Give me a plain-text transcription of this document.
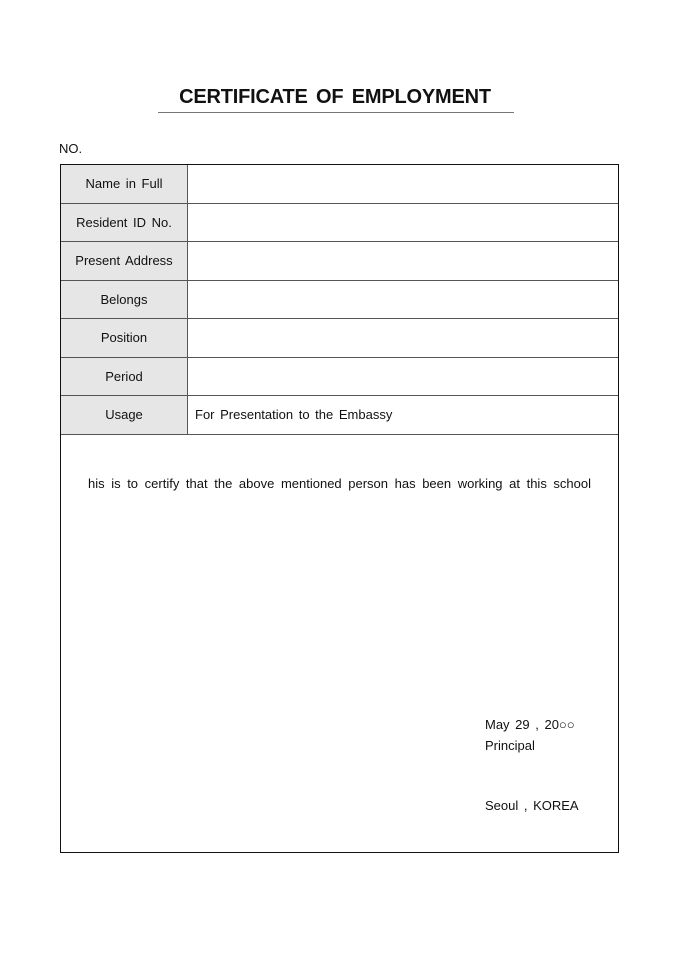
CERTIFICATE OF EMPLOYMENT
NO.
Name in Full
Resident ID No.
Present Address
Belongs
Position
Period
Usage	For Presentation to the Embassy
his is to certify that the above mentioned person has been working at this school
May 29 , 20○○
Principal
Seoul , KOREA
